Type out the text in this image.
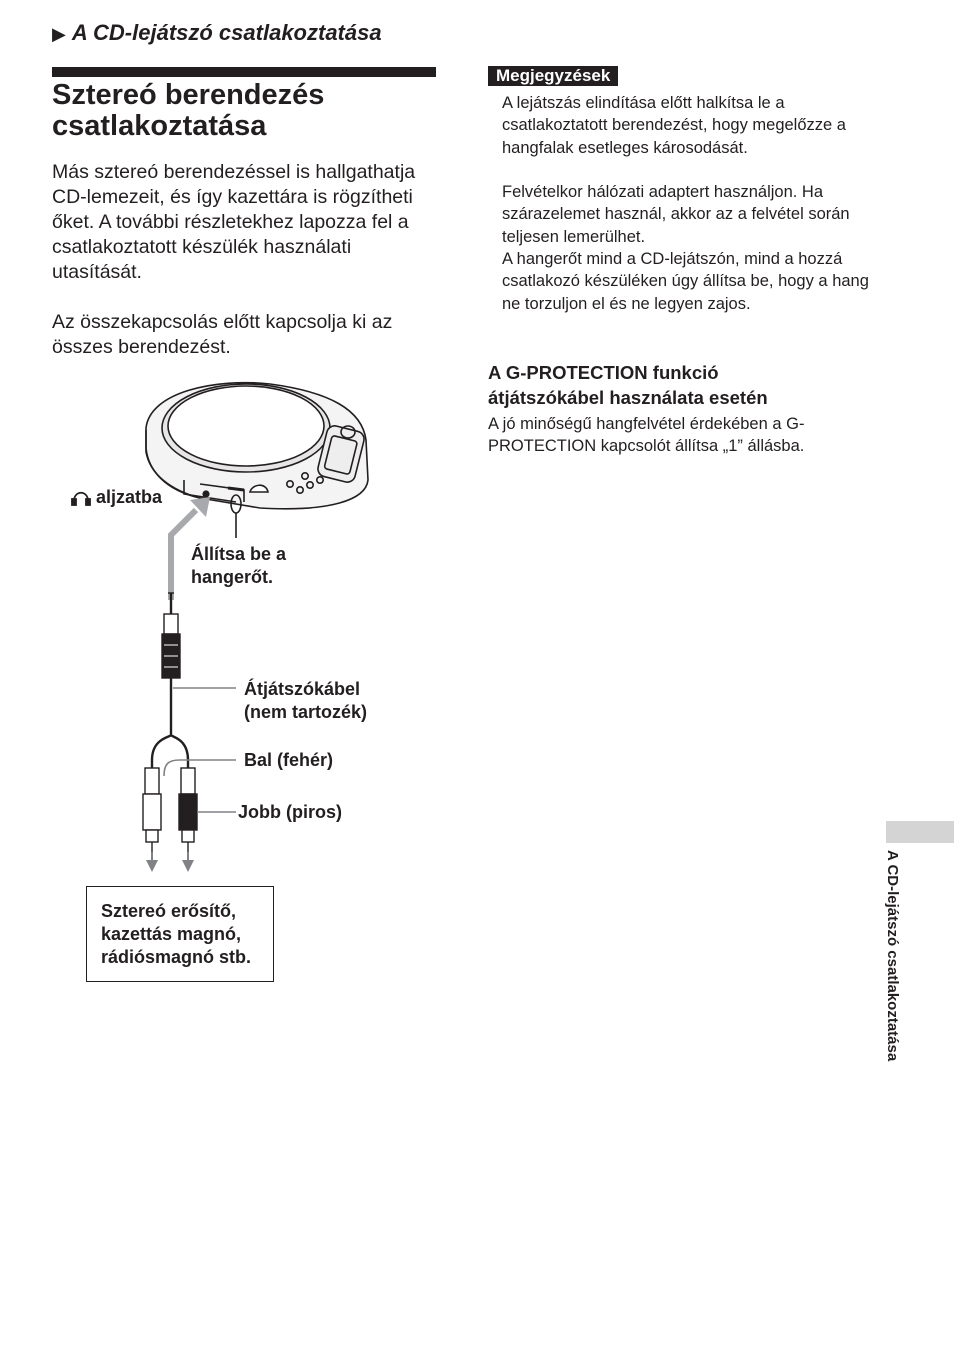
▶ A CD-lejátszó csatlakoztatása
Sztereó berendezés
csatlakoztatása
Más sztereó berendezéssel is hallgathatja CD-lemezeit, és így kazettára is rögzítheti őket. A további részletekhez lapozza fel a csatlakoztatott készülék használati utasítását.
Az összekapcsolás előtt kapcsolja ki az összes berendezést.
Megjegyzések
A lejátszás elindítása előtt halkítsa le a csatlakoztatott berendezést, hogy megelőzze a hangfalak esetleges károsodását.
Felvételkor hálózati adaptert használjon. Ha szárazelemet használ, akkor az a felvétel során teljesen lemerülhet.
A hangerőt mind a CD-lejátszón, mind a hozzá csatlakozó készüléken úgy állítsa be, hogy a hang ne torzuljon el és ne legyen zajos.
A G-PROTECTION funkció
átjátszókábel használata esetén
A jó minőségű hangfelvétel érdekében a G-PROTECTION kapcsolót állítsa „1” állásba.
A CD-lejátszó csatlakoztatása
aljzatba
Állítsa be a
hangerőt.
Átjátszókábel
(nem tartozék)
Bal (fehér)
Jobb (piros)
Sztereó erősítő,
kazettás magnó,
rádiósmagnó stb.
